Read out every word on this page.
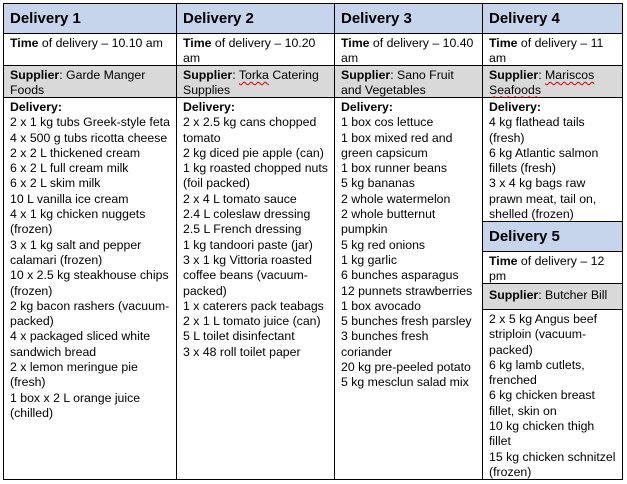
Delivery 1
Time of delivery – 10.10 am
Supplier: Garde Manger Foods
Delivery:
2 x 1 kg tubs Greek-style feta
4 x 500 g tubs ricotta cheese
2 x 2 L thickened cream
6 x 2 L full cream milk
6 x 2 L skim milk
10 L vanilla ice cream
4 x 1 kg chicken nuggets (frozen)
3 x 1 kg salt and pepper calamari (frozen)
10 x 2.5 kg steakhouse chips (frozen)
2 kg bacon rashers (vacuum-packed)
4 x packaged sliced white sandwich bread
2 x lemon meringue pie (fresh)
1 box x 2 L orange juice (chilled)
Delivery 2
Time of delivery – 10.20 am
Supplier: Torka Catering Supplies
Delivery:
2 x 2.5 kg cans chopped tomato
2 kg diced pie apple (can)
1 kg roasted chopped nuts (foil packed)
2 x 4 L tomato sauce
2.4 L coleslaw dressing
2.5 L French dressing
1 kg tandoori paste (jar)
3 x 1 kg Vittoria roasted coffee beans (vacuum-packed)
1 x caterers pack teabags
2 x 1 L tomato juice (can)
5 L toilet disinfectant
3 x 48 roll toilet paper
Delivery 3
Time of delivery – 10.40 am
Supplier: Sano Fruit and Vegetables
Delivery:
1 box cos lettuce
1 box mixed red and green capsicum
1 box runner beans
5 kg bananas
2 whole watermelon
2 whole butternut pumpkin
5 kg red onions
1 kg garlic
6 bunches asparagus
12 punnets strawberries
1 box avocado
5 bunches fresh parsley
3 bunches fresh coriander
20 kg pre-peeled potato
5 kg mesclun salad mix
Delivery 4
Time of delivery – 11 am
Supplier: Mariscos Seafoods
Delivery:
4 kg flathead tails (fresh)
6 kg Atlantic salmon fillets (fresh)
3 x 4 kg bags raw prawn meat, tail on, shelled (frozen)
Delivery 5
Time of delivery – 12 pm
Supplier: Butcher Bill
2 x 5 kg Angus beef striploin (vacuum-packed)
6 kg lamb cutlets, frenched
6 kg chicken breast fillet, skin on
10 kg chicken thigh fillet
15 kg chicken schnitzel (frozen)
